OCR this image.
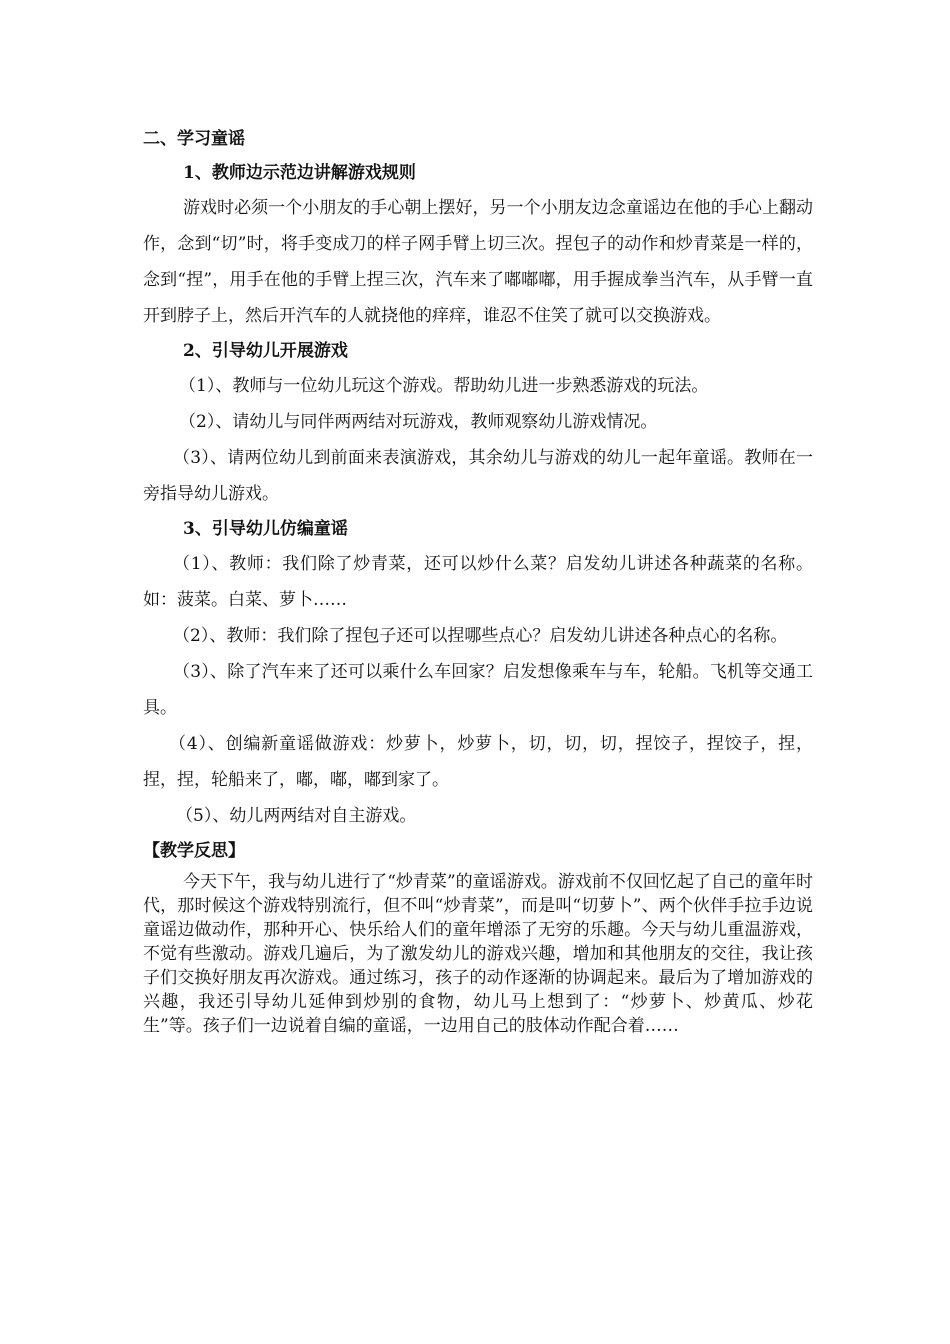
二、学习童谣

1、教师边示范边讲解游戏规则

游戏时必须一个小朋友的手心朝上摆好，另一个小朋友边念童谣边在他的手心上翻动作，念到“切”时，将手变成刀的样子网手臂上切三次。捏包子的动作和炒青菜是一样的，念到“捏”，用手在他的手臂上捏三次，汽车来了嘟嘟嘟，用手握成拳当汽车，从手臂一直开到脖子上，然后开汽车的人就挠他的痒痒，谁忍不住笑了就可以交换游戏。

2、引导幼儿开展游戏

（1）、教师与一位幼儿玩这个游戏。帮助幼儿进一步熟悉游戏的玩法。

（2）、请幼儿与同伴两两结对玩游戏，教师观察幼儿游戏情况。

（3）、请两位幼儿到前面来表演游戏，其余幼儿与游戏的幼儿一起年童谣。教师在一旁指导幼儿游戏。

3、引导幼儿仿编童谣

（1）、教师：我们除了炒青菜，还可以炒什么菜？启发幼儿讲述各种蔬菜的名称。如：菠菜。白菜、萝卜……

（2）、教师：我们除了捏包子还可以捏哪些点心？启发幼儿讲述各种点心的名称。

（3）、除了汽车来了还可以乘什么车回家？启发想像乘车与车，轮船。飞机等交通工具。

（4）、创编新童谣做游戏：炒萝卜，炒萝卜，切，切，切，捏饺子，捏饺子，捏，捏，捏，轮船来了，嘟，嘟，嘟到家了。

（5）、幼儿两两结对自主游戏。

【教学反思】

今天下午，我与幼儿进行了“炒青菜”的童谣游戏。游戏前不仅回忆起了自己的童年时代，那时候这个游戏特别流行，但不叫“炒青菜”，而是叫“切萝卜”、两个伙伴手拉手边说童谣边做动作，那种开心、快乐给人们的童年增添了无穷的乐趣。今天与幼儿重温游戏，不觉有些激动。游戏几遍后，为了激发幼儿的游戏兴趣，增加和其他朋友的交往，我让孩子们交换好朋友再次游戏。通过练习，孩子的动作逐渐的协调起来。最后为了增加游戏的兴趣，我还引导幼儿延伸到炒别的食物，幼儿马上想到了：“炒萝卜、炒黄瓜、炒花生”等。孩子们一边说着自编的童谣，一边用自己的肢体动作配合着……
